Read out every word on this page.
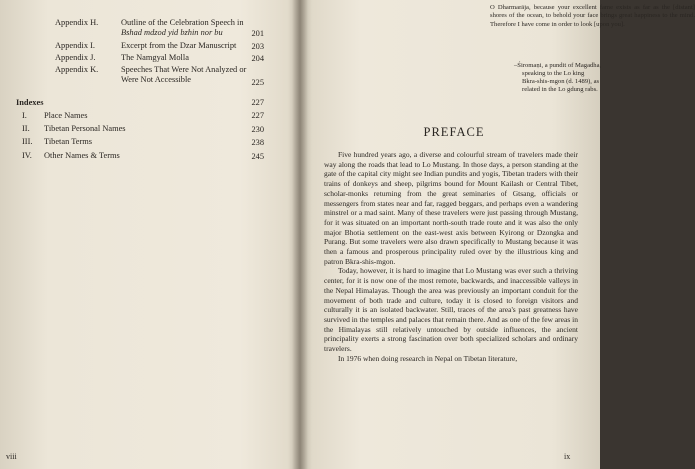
Appendix H.	Outline of the Celebration Speech in
Bshad mdzod yid bzhin nor bu	201
Appendix I.	Excerpt from the Dzar Manuscript	203
Appendix J.	The Namgyal Molla	204
Appendix K.	Speeches That Were Not Analyzed or
Were Not Accessible	225
Indexes	227
I. Place Names	227
II. Tibetan Personal Names	230
III. Tibetan Terms	238
IV. Other Names & Terms	245
viii
O Dharmarāja, because your excellent fame exists as far as the [distant] shores of the ocean, to behold your face brings great happiness to the mind. Therefore I have come in order to look [upon you].
–Śiromaṇi, a pundit of Magadha,
speaking to the Lo king
Bkra-shis-mgon (d. 1489), as
related in the Lo gdung rabs.
ix
PREFACE

Five hundred years ago, a diverse and colourful stream of travelers made their way along the roads that lead to Lo Mustang. In those days, a person standing at the gate of the capital city might see Indian pundits and yogis, Tibetan traders with their trains of donkeys and sheep, pilgrims bound for Mount Kailash or Central Tibet, scholar-monks returning from the great seminaries of Gtsang, officials or messengers from states near and far, ragged beggars, and perhaps even a wandering minstrel or a mad saint. Many of these travelers were just passing through Mustang, for it was situated on an important north-south trade route and it was also the only major Bhotia settlement on the east-west axis between Kyirong or Dzongka and Purang. But some travelers were also drawn specifically to Mustang because it was then a famous and prosperous principality ruled over by the illustrious king and patron Bkra-shis-mgon.

Today, however, it is hard to imagine that Lo Mustang was ever such a thriving center, for it is now one of the most remote, backwards, and inaccessible valleys in the Nepal Himalayas. Though the area was previously an important conduit for the movement of both trade and culture, today it is closed to foreign visitors and culturally it is an isolated backwater. Still, traces of the area's past greatness have survived in the temples and palaces that remain there. And as one of the few areas in the Himalayas still relatively untouched by outside influences, the ancient principality exerts a strong fascination over both specialized scholars and ordinary travelers.

In 1976 when doing research in Nepal on Tibetan literature,
